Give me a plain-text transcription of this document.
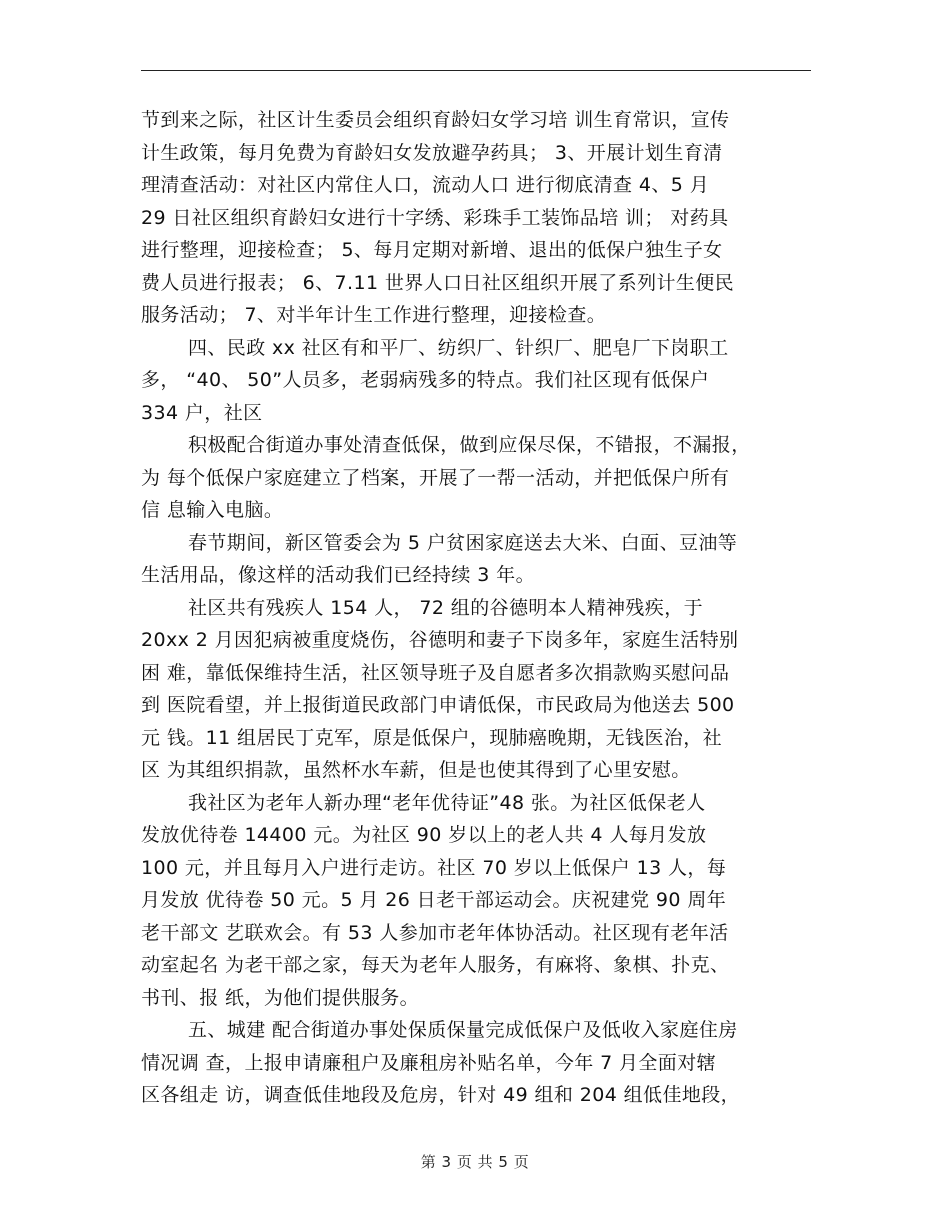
节到来之际，社区计生委员会组织育龄妇女学习培 训生育常识，宣传
计生政策，每月免费为育龄妇女发放避孕药具； 3、开展计划生育清
理清查活动：对社区内常住人口，流动人口 进行彻底清查 4、5 月
29 日社区组织育龄妇女进行十字绣、彩珠手工装饰品培 训； 对药具
进行整理，迎接检查； 5、每月定期对新增、退出的低保户独生子女
费人员进行报表； 6、7.11 世界人口日社区组织开展了系列计生便民
服务活动； 7、对半年计生工作进行整理，迎接检查。
四、民政 xx 社区有和平厂、纺织厂、针织厂、肥皂厂下岗职工
多， “40、 50”人员多，老弱病残多的特点。我们社区现有低保户
334 户，社区
积极配合街道办事处清查低保，做到应保尽保，不错报，不漏报，
为 每个低保户家庭建立了档案，开展了一帮一活动，并把低保户所有
信 息输入电脑。
春节期间，新区管委会为 5 户贫困家庭送去大米、白面、豆油等
生活用品，像这样的活动我们已经持续 3 年。
社区共有残疾人 154 人， 72 组的谷德明本人精神残疾，于
20xx 2 月因犯病被重度烧伤，谷德明和妻子下岗多年，家庭生活特别
困 难，靠低保维持生活，社区领导班子及自愿者多次捐款购买慰问品
到 医院看望，并上报街道民政部门申请低保，市民政局为他送去 500
元 钱。11 组居民丁克军，原是低保户，现肺癌晚期，无钱医治，社
区 为其组织捐款，虽然杯水车薪，但是也使其得到了心里安慰。
我社区为老年人新办理“老年优待证”48 张。为社区低保老人
发放优待卷 14400 元。为社区 90 岁以上的老人共 4 人每月发放
100 元，并且每月入户进行走访。社区 70 岁以上低保户 13 人，每
月发放 优待卷 50 元。5 月 26 日老干部运动会。庆祝建党 90 周年
老干部文 艺联欢会。有 53 人参加市老年体协活动。社区现有老年活
动室起名 为老干部之家，每天为老年人服务，有麻将、象棋、扑克、
书刊、报 纸，为他们提供服务。
五、城建 配合街道办事处保质保量完成低保户及低收入家庭住房
情况调 查，上报申请廉租户及廉租房补贴名单，今年 7 月全面对辖
区各组走 访，调查低佳地段及危房，针对 49 组和 204 组低佳地段，
第 3 页 共 5 页
